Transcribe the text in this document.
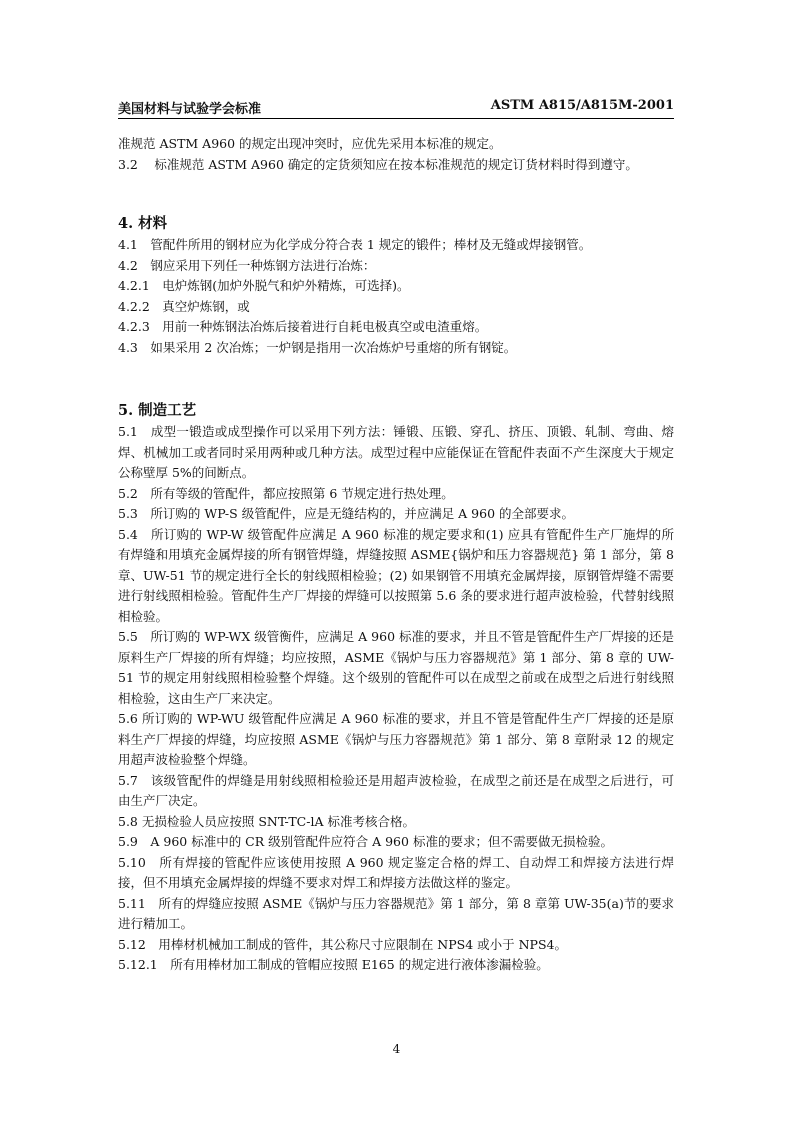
美国材料与试验学会标准	ASTM A815/A815M-2001

准规范 ASTM A960 的规定出现冲突时，应优先采用本标准的规定。

3.2　 标准规范 ASTM A960 确定的定货须知应在按本标准规范的规定订货材料时得到遵守。

4. 材料

4.1　管配件所用的钢材应为化学成分符合表 1 规定的锻件；棒材及无缝或焊接钢管。

4.2　钢应采用下列任一种炼钢方法进行冶炼：

4.2.1　电炉炼钢(加炉外脱气和炉外精炼，可选择)。

4.2.2　真空炉炼钢，或

4.2.3　用前一种炼钢法冶炼后接着进行自耗电极真空或电渣重熔。

4.3　如果采用 2 次冶炼；一炉钢是指用一次冶炼炉号重熔的所有钢锭。

5. 制造工艺

5.1　成型一锻造或成型操作可以采用下列方法：锤锻、压锻、穿孔、挤压、顶锻、轧制、弯曲、熔焊、机械加工或者同时采用两种或几种方法。成型过程中应能保证在管配件表面不产生深度大于规定公称壁厚 5%的间断点。

5.2　所有等级的管配件，都应按照第 6 节规定进行热处理。

5.3　所订购的 WP-S 级管配件，应是无缝结构的，并应满足 A 960 的全部要求。

5.4　所订购的 WP-W 级管配件应满足 A 960 标准的规定要求和(1) 应具有管配件生产厂施焊的所有焊缝和用填充金属焊接的所有钢管焊缝，焊缝按照 ASME{锅炉和压力容器规范} 第 1 部分，第 8 章、UW-51 节的规定进行全长的射线照相检验；(2) 如果钢管不用填充金属焊接，原钢管焊缝不需要进行射线照相检验。管配件生产厂焊接的焊缝可以按照第 5.6 条的要求进行超声波检验，代替射线照相检验。

5.5　所订购的 WP-WX 级管衡件，应满足 A 960 标准的要求，并且不管是管配件生产厂焊接的还是原料生产厂焊接的所有焊缝；均应按照，ASME《锅炉与压力容器规范》第 1 部分、第 8 章的 UW-51 节的规定用射线照相检验整个焊缝。这个级别的管配件可以在成型之前或在成型之后进行射线照相检验，这由生产厂来决定。

5.6 所订购的 WP-WU 级管配件应满足 A 960 标准的要求，并且不管是管配件生产厂焊接的还是原料生产厂焊接的焊缝，均应按照 ASME《锅炉与压力容器规范》第 1 部分、第 8 章附录 12 的规定用超声波检验整个焊缝。

5.7　该级管配件的焊缝是用射线照相检验还是用超声波检验，在成型之前还是在成型之后进行，可由生产厂决定。

5.8 无损检验人员应按照 SNT-TC-lA 标准考核合格。

5.9　A 960 标准中的 CR 级别管配件应符合 A 960 标准的要求；但不需要做无损检验。

5.10　所有焊接的管配件应该使用按照 A 960 规定鉴定合格的焊工、自动焊工和焊接方法进行焊接，但不用填充金属焊接的焊缝不要求对焊工和焊接方法做这样的鉴定。

5.11　所有的焊缝应按照 ASME《锅炉与压力容器规范》第 1 部分，第 8 章第 UW-35(a)节的要求进行精加工。

5.12　用棒材机械加工制成的管件，其公称尺寸应限制在 NPS4 或小于 NPS4。

5.12.1　所有用棒材加工制成的管帽应按照 E165 的规定进行液体渗漏检验。

4
